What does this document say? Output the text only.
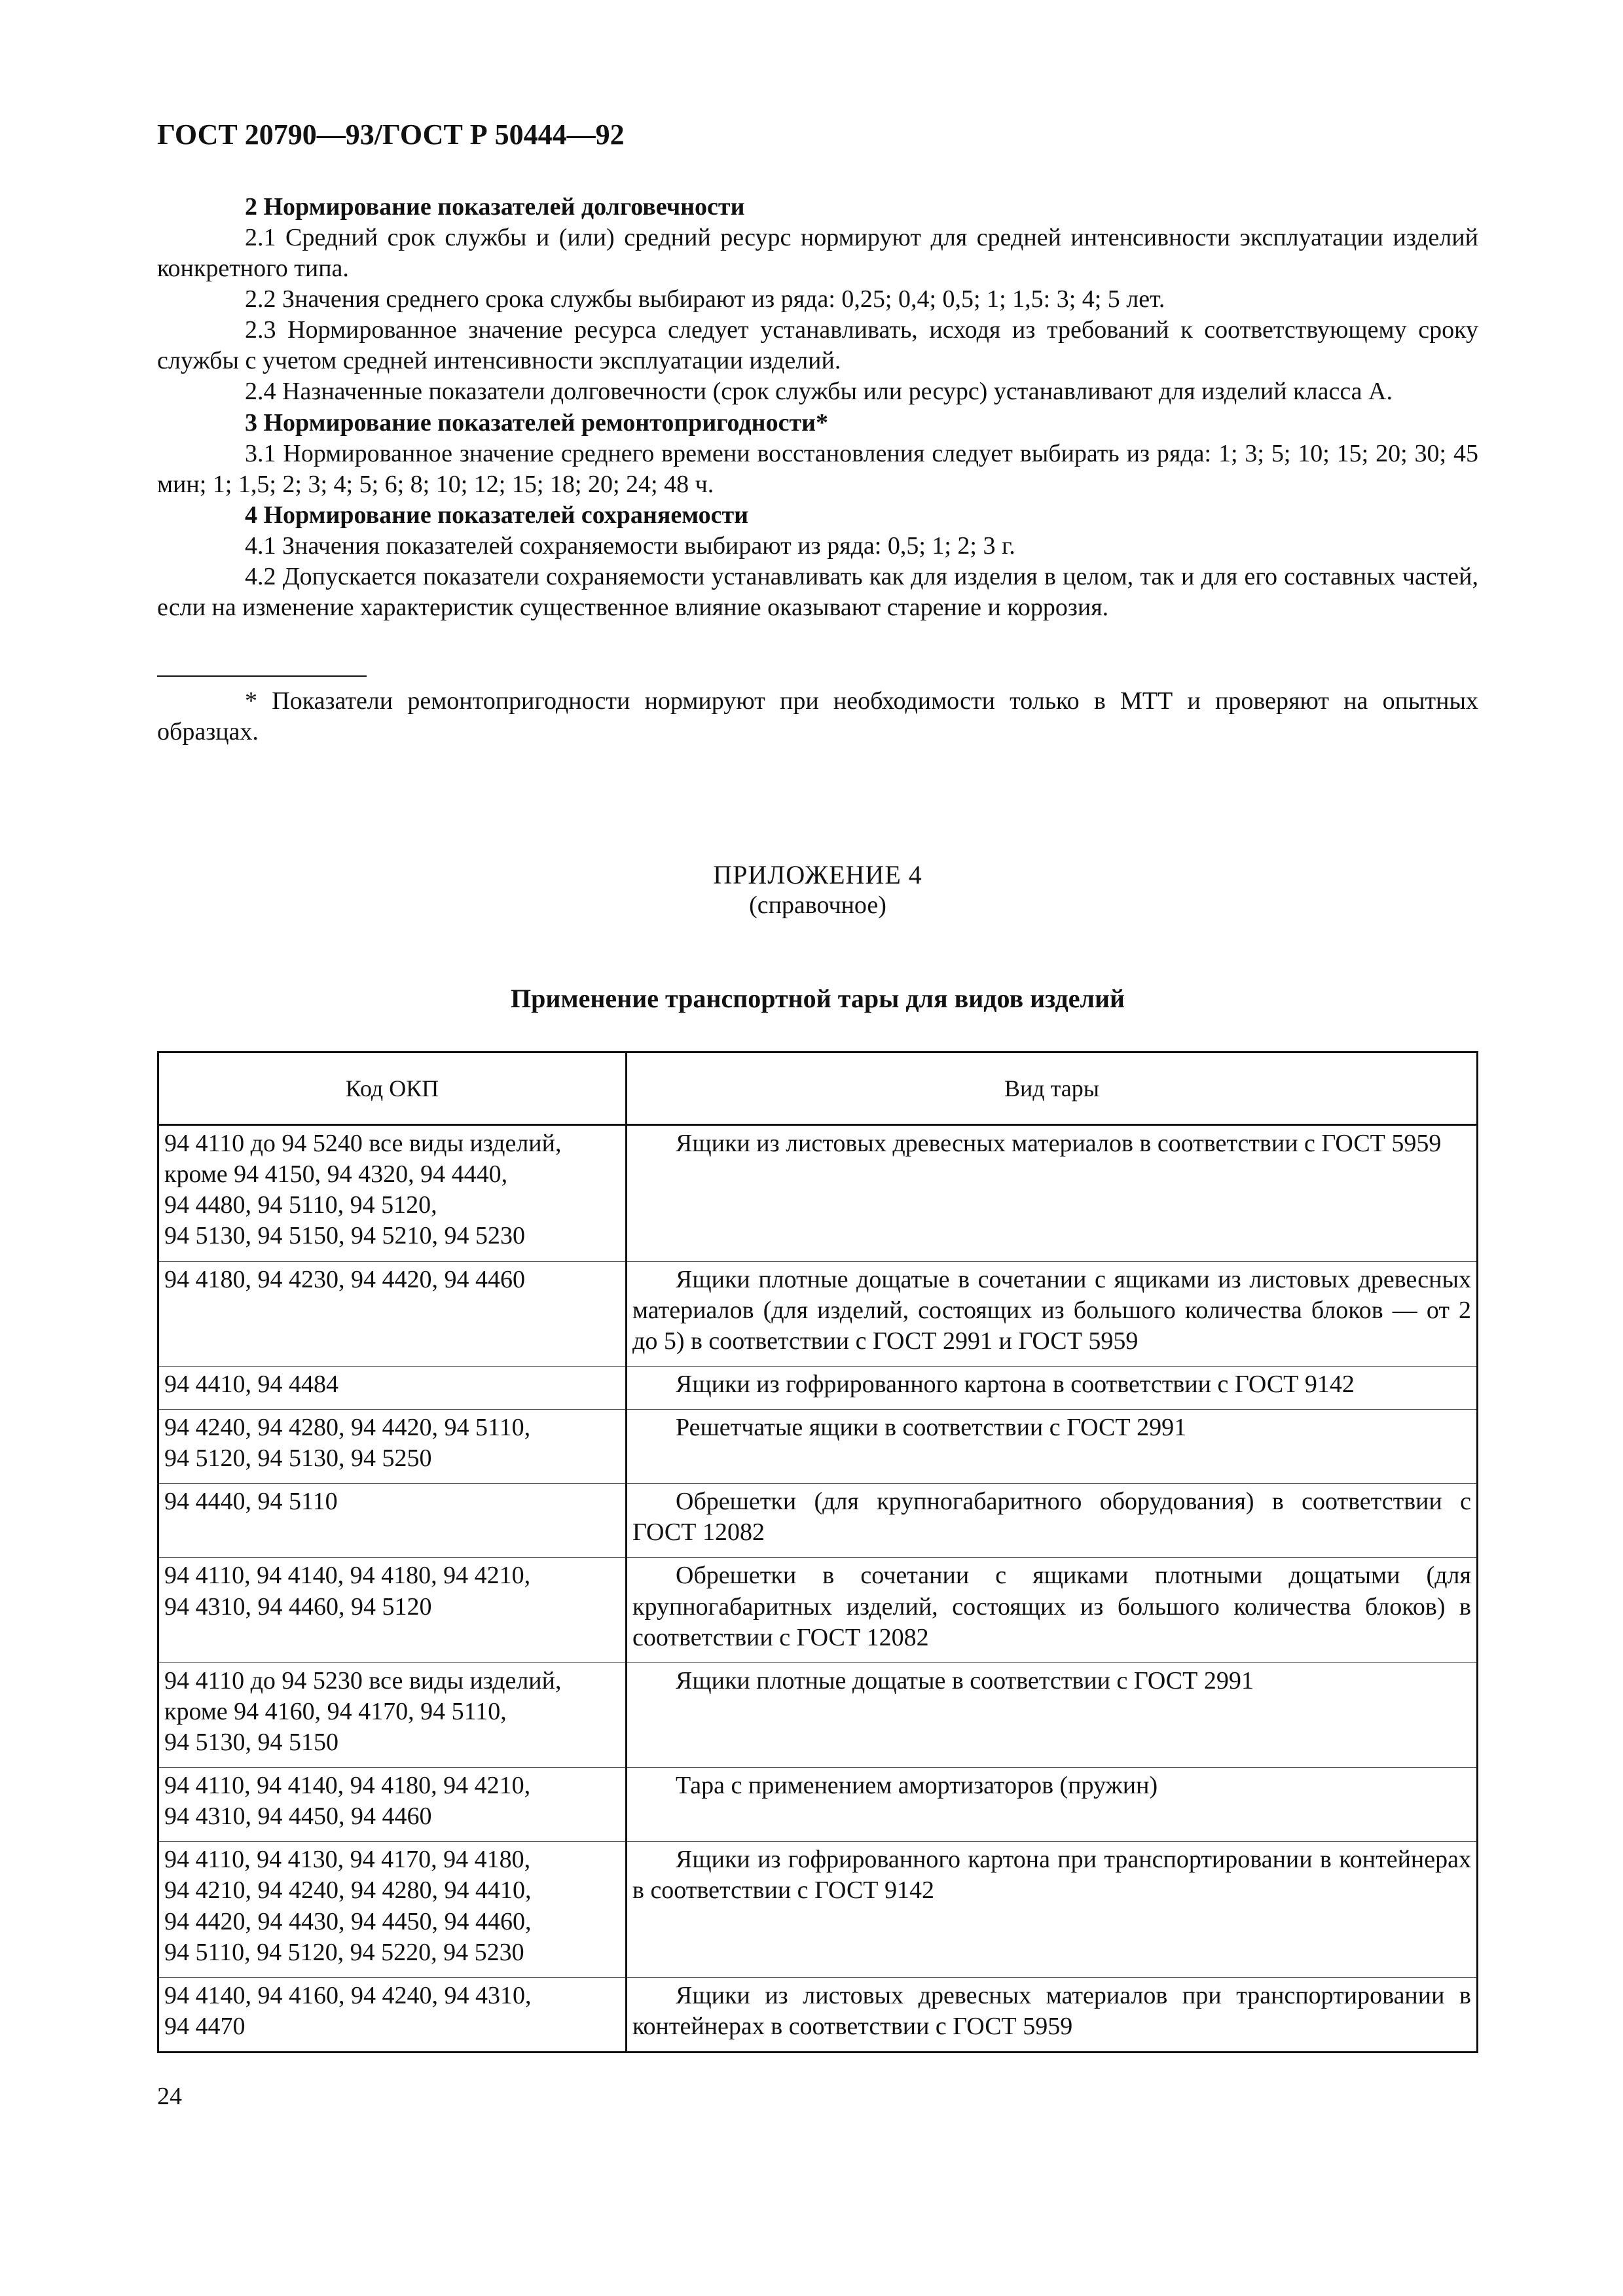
ГОСТ 20790—93/ГОСТ Р 50444—92

2 Нормирование показателей долговечности

2.1 Средний срок службы и (или) средний ресурс нормируют для средней интенсивности эксплуатации изделий конкретного типа.

2.2 Значения среднего срока службы выбирают из ряда: 0,25; 0,4; 0,5; 1; 1,5: 3; 4; 5 лет.

2.3 Нормированное значение ресурса следует устанавливать, исходя из требований к соответствующему сроку службы с учетом средней интенсивности эксплуатации изделий.

2.4 Назначенные показатели долговечности (срок службы или ресурс) устанавливают для изделий класса А.

3 Нормирование показателей ремонтопригодности*

3.1 Нормированное значение среднего времени восстановления следует выбирать из ряда: 1; 3; 5; 10; 15; 20; 30; 45 мин; 1; 1,5; 2; 3; 4; 5; 6; 8; 10; 12; 15; 18; 20; 24; 48 ч.

4 Нормирование показателей сохраняемости

4.1 Значения показателей сохраняемости выбирают из ряда: 0,5; 1; 2; 3 г.

4.2 Допускается показатели сохраняемости устанавливать как для изделия в целом, так и для его составных частей, если на изменение характеристик существенное влияние оказывают старение и коррозия.

* Показатели ремонтопригодности нормируют при необходимости только в МТТ и проверяют на опытных образцах.

ПРИЛОЖЕНИЕ 4
(справочное)
Применение транспортной тары для видов изделий
Код ОКП	Вид тары

94 4110 до 94 5240 все виды изделий,
кроме 94 4150, 94 4320, 94 4440,
94 4480, 94 5110, 94 5120,
94 5130, 94 5150, 94 5210, 94 5230	Ящики из листовых древесных материалов в соответствии с ГОСТ 5959

94 4180, 94 4230, 94 4420, 94 4460	Ящики плотные дощатые в сочетании с ящиками из листовых древесных материалов (для изделий, состоящих из большого количества блоков — от 2 до 5) в соответствии с ГОСТ 2991 и ГОСТ 5959

94 4410, 94 4484	Ящики из гофрированного картона в соответствии с ГОСТ 9142

94 4240, 94 4280, 94 4420, 94 5110,
94 5120, 94 5130, 94 5250	Решетчатые ящики в соответствии с ГОСТ 2991

94 4440, 94 5110	Обрешетки (для крупногабаритного оборудования) в соответствии с ГОСТ 12082

94 4110, 94 4140, 94 4180, 94 4210,
94 4310, 94 4460, 94 5120	Обрешетки в сочетании с ящиками плотными дощатыми (для крупногабаритных изделий, состоящих из большого количества блоков) в соответствии с ГОСТ 12082

94 4110 до 94 5230 все виды изделий,
кроме 94 4160, 94 4170, 94 5110,
94 5130, 94 5150	Ящики плотные дощатые в соответствии с ГОСТ 2991

94 4110, 94 4140, 94 4180, 94 4210,
94 4310, 94 4450, 94 4460	Тара с применением амортизаторов (пружин)

94 4110, 94 4130, 94 4170, 94 4180,
94 4210, 94 4240, 94 4280, 94 4410,
94 4420, 94 4430, 94 4450, 94 4460,
94 5110, 94 5120, 94 5220, 94 5230	Ящики из гофрированного картона при транспортировании в контейнерах в соответствии с ГОСТ 9142

94 4140, 94 4160, 94 4240, 94 4310,
94 4470	Ящики из листовых древесных материалов при транспортировании в контейнерах в соответствии с ГОСТ 5959
24
